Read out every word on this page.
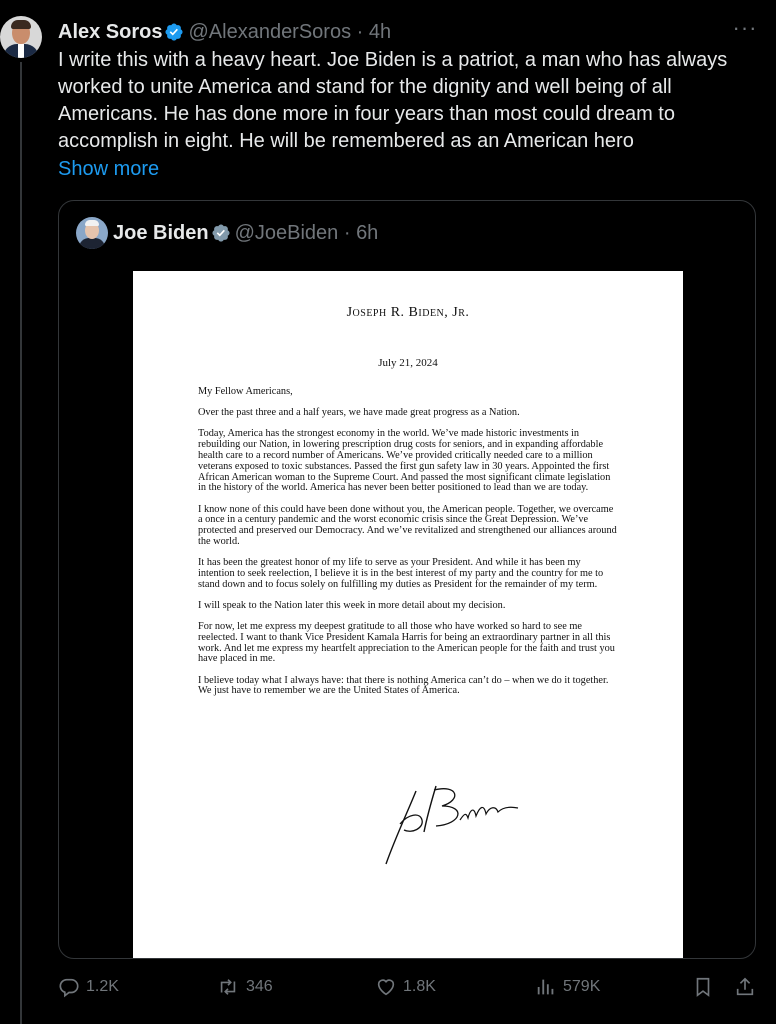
Alex Soros @AlexanderSoros · 4h	···
I write this with a heavy heart. Joe Biden is a patriot, a man who has always worked to unite America and stand for the dignity and well being of all Americans. He has done more in four years than most could dream to accomplish in eight. He will be remembered as an American hero
Show more
Joe Biden @JoeBiden · 6h
Joseph R. Biden, Jr.
July 21, 2024

My Fellow Americans,

Over the past three and a half years, we have made great progress as a Nation.

Today, America has the strongest economy in the world. We’ve made historic investments in rebuilding our Nation, in lowering prescription drug costs for seniors, and in expanding affordable health care to a record number of Americans. We’ve provided critically needed care to a million veterans exposed to toxic substances. Passed the first gun safety law in 30 years. Appointed the first African American woman to the Supreme Court. And passed the most significant climate legislation in the history of the world. America has never been better positioned to lead than we are today.

I know none of this could have been done without you, the American people. Together, we overcame a once in a century pandemic and the worst economic crisis since the Great Depression. We’ve protected and preserved our Democracy. And we’ve revitalized and strengthened our alliances around the world.

It has been the greatest honor of my life to serve as your President. And while it has been my intention to seek reelection, I believe it is in the best interest of my party and the country for me to stand down and to focus solely on fulfilling my duties as President for the remainder of my term.

I will speak to the Nation later this week in more detail about my decision.

For now, let me express my deepest gratitude to all those who have worked so hard to see me reelected. I want to thank Vice President Kamala Harris for being an extraordinary partner in all this work. And let me express my heartfelt appreciation to the American people for the faith and trust you have placed in me.

I believe today what I always have: that there is nothing America can’t do – when we do it together. We just have to remember we are the United States of America.

1.2K	346	1.8K	579K
